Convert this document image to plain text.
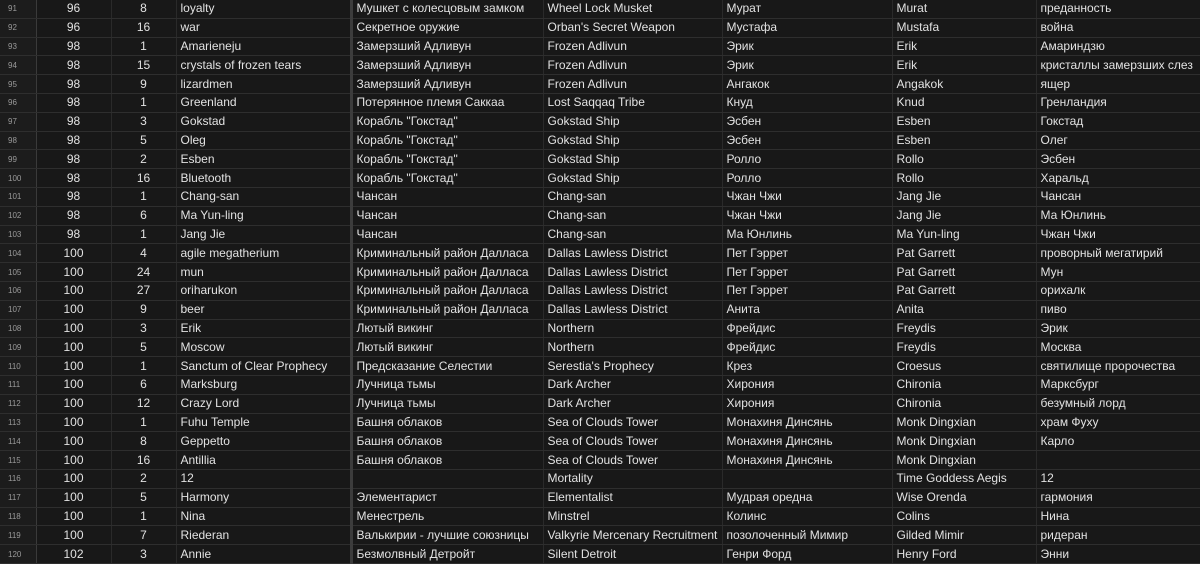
91	96	8	loyalty	Мушкет с колесцовым замком	Wheel Lock Musket	Мурат	Murat	преданность
92	96	16	war	Секретное оружие	Orban's Secret Weapon	Мустафа	Mustafa	война
93	98	1	Amarieneju	Замерзший Адливун	Frozen Adlivun	Эрик	Erik	Амариндзю
94	98	15	crystals of frozen tears	Замерзший Адливун	Frozen Adlivun	Эрик	Erik	кристаллы замерзших слез
95	98	9	lizardmen	Замерзший Адливун	Frozen Adlivun	Ангакок	Angakok	ящер
96	98	1	Greenland	Потерянное племя Саккаа	Lost Saqqaq Tribe	Кнуд	Knud	Гренландия
97	98	3	Gokstad	Корабль "Гокстад"	Gokstad Ship	Эсбен	Esben	Гокстад
98	98	5	Oleg	Корабль "Гокстад"	Gokstad Ship	Эсбен	Esben	Олег
99	98	2	Esben	Корабль "Гокстад"	Gokstad Ship	Ролло	Rollo	Эсбен
100	98	16	Bluetooth	Корабль "Гокстад"	Gokstad Ship	Ролло	Rollo	Харальд
101	98	1	Chang-san	Чансан	Chang-san	Чжан Чжи	Jang Jie	Чансан
102	98	6	Ma Yun-ling	Чансан	Chang-san	Чжан Чжи	Jang Jie	Ма Юнлинь
103	98	1	Jang Jie	Чансан	Chang-san	Ма Юнлинь	Ma Yun-ling	Чжан Чжи
104	100	4	agile megatherium	Криминальный район Далласа	Dallas Lawless District	Пет Гэррет	Pat Garrett	проворный мегатирий
105	100	24	mun	Криминальный район Далласа	Dallas Lawless District	Пет Гэррет	Pat Garrett	Мун
106	100	27	oriharukon	Криминальный район Далласа	Dallas Lawless District	Пет Гэррет	Pat Garrett	орихалк
107	100	9	beer	Криминальный район Далласа	Dallas Lawless District	Анита	Anita	пиво
108	100	3	Erik	Лютый викинг	Northern	Фрейдис	Freydis	Эрик
109	100	5	Moscow	Лютый викинг	Northern	Фрейдис	Freydis	Москва
110	100	1	Sanctum of Clear Prophecy	Предсказание Селестии	Serestia's Prophecy	Крез	Croesus	святилище пророчества
111	100	6	Marksburg	Лучница тьмы	Dark Archer	Хирония	Chironia	Марксбург
112	100	12	Crazy Lord	Лучница тьмы	Dark Archer	Хирония	Chironia	безумный лорд
113	100	1	Fuhu Temple	Башня облаков	Sea of Clouds Tower	Монахиня Динсянь	Monk Dingxian	храм Фуху
114	100	8	Geppetto	Башня облаков	Sea of Clouds Tower	Монахиня Динсянь	Monk Dingxian	Карло
115	100	16	Antillia	Башня облаков	Sea of Clouds Tower	Монахиня Динсянь	Monk Dingxian	
116	100	2	12		Mortality		Time Goddess Aegis	12
117	100	5	Harmony	Элементарист	Elementalist	Мудрая оредна	Wise Orenda	гармония
118	100	1	Nina	Менестрель	Minstrel	Колинс	Colins	Нина
119	100	7	Riederan	Валькирии - лучшие союзницы	Valkyrie Mercenary Recruitment	позолоченный Мимир	Gilded Mimir	ридеран
120	102	3	Annie	Безмолвный Детройт	Silent Detroit	Генри Форд	Henry Ford	Энни
